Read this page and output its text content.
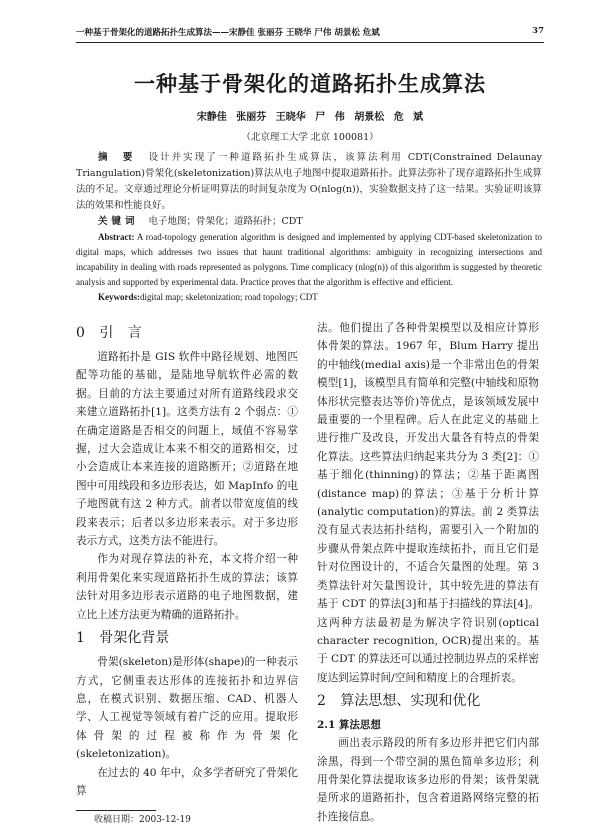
一种基于骨架化的道路拓扑生成算法——宋静佳 张丽芬 王晓华 尸伟 胡景松 危斌	37
一种基于骨架化的道路拓扑生成算法
宋静佳 张丽芬 王晓华 尸 伟 胡景松 危 斌
（北京理工大学 北京 100081）

摘 要 设计并实现了一种道路拓扑生成算法，该算法利用 CDT(Constrained Delaunay Triangulation)骨架化(skeletonization)算法从电子地图中提取道路拓扑。此算法弥补了现存道路拓扑生成算法的不足。文章通过理论分析证明算法的时间复杂度为 O(nlog(n))，实验数据支持了这一结果。实验证明该算法的效果和性能良好。

关键词 电子地图；骨架化；道路拓扑；CDT

Abstract: A road-topology generation algorithm is designed and implemented by applying CDT-based skeletonization to digital maps, which addresses two issues that haunt traditional algorithms: ambiguity in recognizing intersections and incapability in dealing with roads represented as polygons. Time complicacy (nlog(n)) of this algorithm is suggested by theoretic analysis and supported by experimental data. Practice proves that the algorithm is effective and efficient.

Keywords:digital map; skeletonization; road topology; CDT

0 引 言

道路拓扑是 GIS 软件中路径规划、地图匹配等功能的基础，是陆地导航软件必需的数据。目前的方法主要通过对所有道路线段求交来建立道路拓扑[1]。这类方法有 2 个弱点：①在确定道路是否相交的问题上，域值不容易掌握，过大会造成让本来不相交的道路相交，过小会造成让本来连接的道路断开；②道路在地图中可用线段和多边形表达，如 MapInfo 的电子地图就有这 2 种方式。前者以带宽度值的线段来表示；后者以多边形来表示。对于多边形表示方式，这类方法不能进行。

作为对现存算法的补充，本文将介绍一种利用骨架化来实现道路拓扑生成的算法；该算法针对用多边形表示道路的电子地图数据，建立比上述方法更为精确的道路拓扑。

1 骨架化背景

骨架(skeleton)是形体(shape)的一种表示方式，它侧重表达形体的连接拓扑和边界信息，在模式识别、数据压缩、CAD、机器人学、人工视觉等领域有着广泛的应用。提取形体骨架的过程被称作为骨架化(skeletonization)。

在过去的 40 年中，众多学者研究了骨架化算

收稿日期：2003-12-19

法。他们提出了各种骨架模型以及相应计算形体骨架的算法。1967 年，Blum Harry 提出的中轴线(medial axis)是一个非常出色的骨架模型[1]，该模型具有简单和完整(中轴线和原物体形状完整表达等价)等优点，是该领域发展中最重要的一个里程碑。后人在此定义的基础上进行推广及改良，开发出大量各有特点的骨架化算法。这些算法归纳起来共分为 3 类[2]：①基于细化(thinning)的算法；②基于距离图(distance map)的算法；③基于分析计算(analytic computation)的算法。前 2 类算法没有显式表达拓扑结构，需要引入一个附加的步骤从骨架点阵中提取连续拓扑，而且它们是针对位图设计的，不适合矢量图的处理。第 3 类算法针对矢量图设计，其中较先进的算法有基于 CDT 的算法[3]和基于扫描线的算法[4]。这两种方法最初是为解决字符识别(optical character recognition, OCR)提出来的。基于 CDT 的算法还可以通过控制边界点的采样密度达到运算时间/空间和精度上的合理折衷。

2 算法思想、实现和优化
2.1 算法思想

画出表示路段的所有多边形并把它们内部涂黑，得到一个带空洞的黑色简单多边形；利用骨架化算法提取该多边形的骨架；该骨架就是所求的道路拓扑，包含着道路网络完整的拓扑连接信息。
